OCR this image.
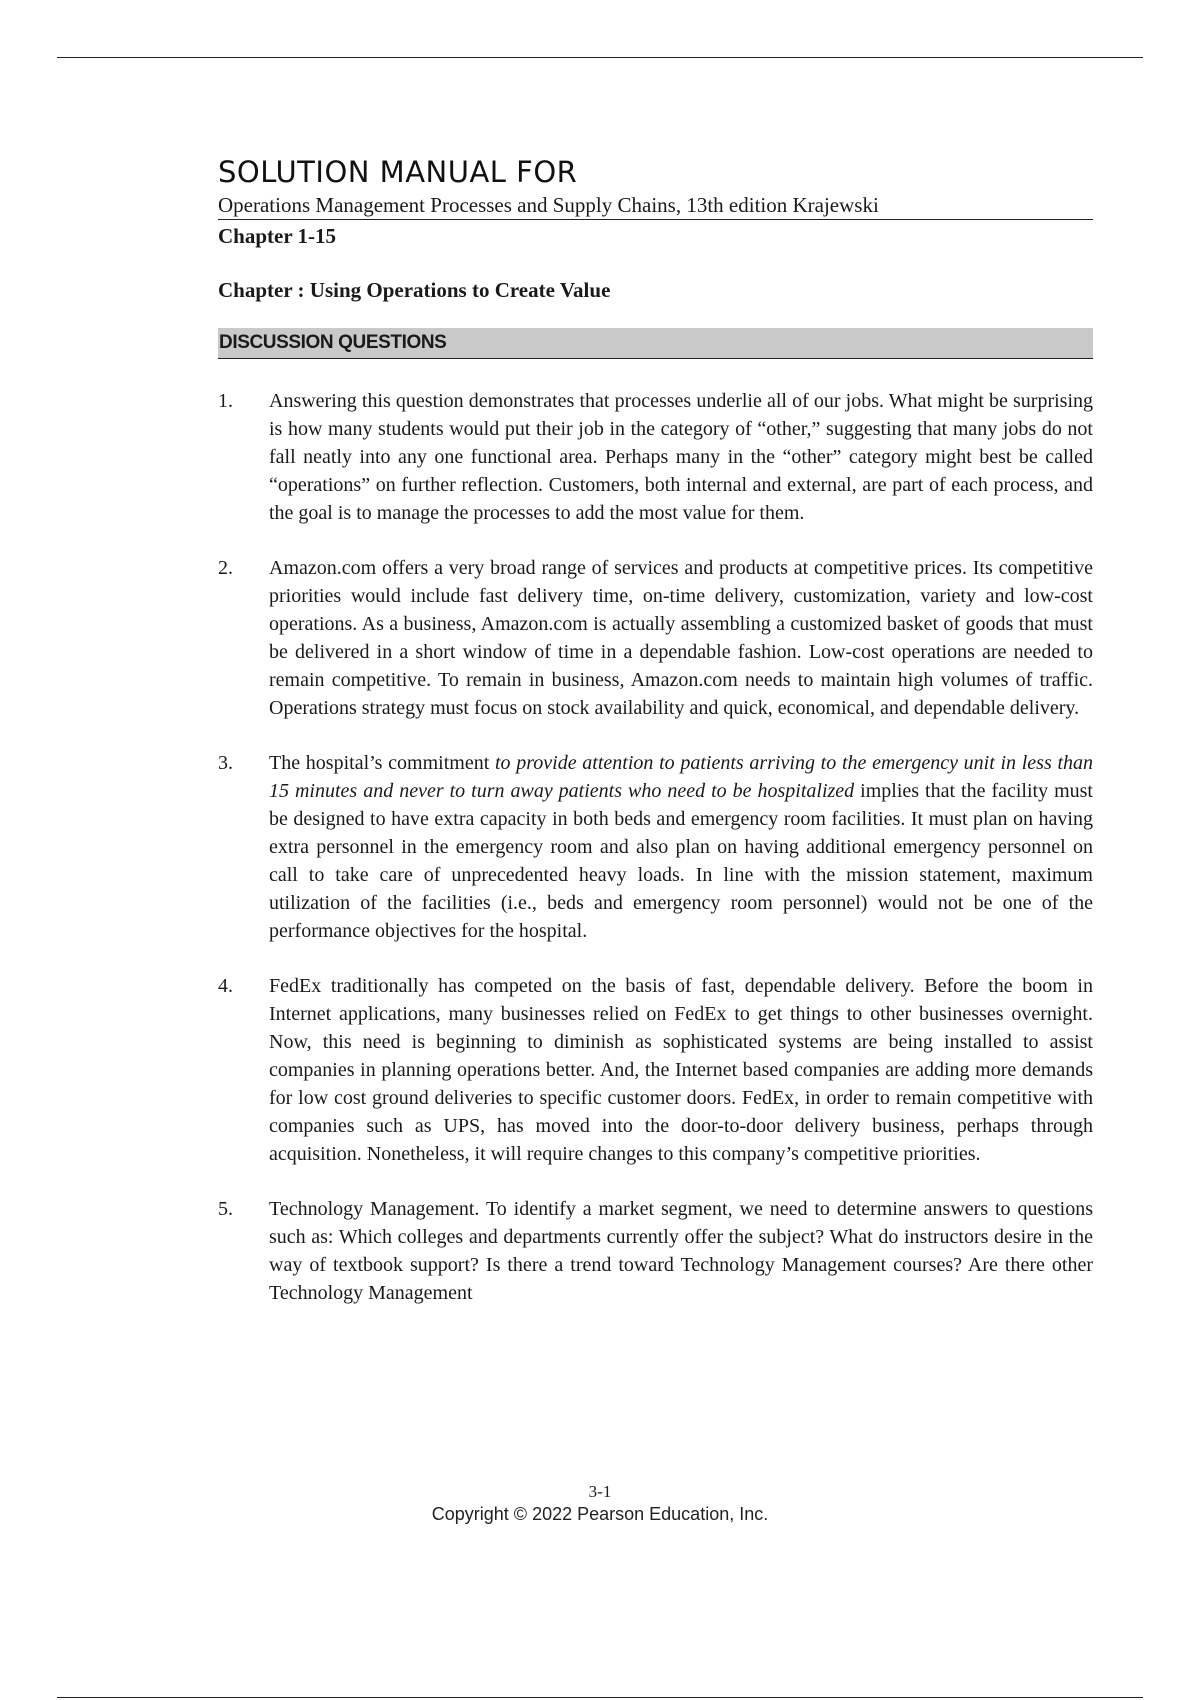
SOLUTION MANUAL FOR
Operations Management Processes and Supply Chains, 13th edition Krajewski
Chapter 1-15
Chapter : Using Operations to Create Value
DISCUSSION QUESTIONS
1.	Answering this question demonstrates that processes underlie all of our jobs. What might be surprising is how many students would put their job in the category of “other,” suggesting that many jobs do not fall neatly into any one functional area. Perhaps many in the “other” category might best be called “operations” on further reflection. Customers, both internal and external, are part of each process, and the goal is to manage the processes to add the most value for them.

2.	Amazon.com offers a very broad range of services and products at competitive prices. Its competitive priorities would include fast delivery time, on-time delivery, customization, variety and low-cost operations. As a business, Amazon.com is actually assembling a customized basket of goods that must be delivered in a short window of time in a dependable fashion. Low-cost operations are needed to remain competitive. To remain in business, Amazon.com needs to maintain high volumes of traffic. Operations strategy must focus on stock availability and quick, economical, and dependable delivery.

3.	The hospital’s commitment to provide attention to patients arriving to the emergency unit in less than 15 minutes and never to turn away patients who need to be hospitalized implies that the facility must be designed to have extra capacity in both beds and emergency room facilities. It must plan on having extra personnel in the emergency room and also plan on having additional emergency personnel on call to take care of unprecedented heavy loads. In line with the mission statement, maximum utilization of the facilities (i.e., beds and emergency room personnel) would not be one of the performance objectives for the hospital.

4.	FedEx traditionally has competed on the basis of fast, dependable delivery. Before the boom in Internet applications, many businesses relied on FedEx to get things to other businesses overnight. Now, this need is beginning to diminish as sophisticated systems are being installed to assist companies in planning operations better. And, the Internet based companies are adding more demands for low cost ground deliveries to specific customer doors. FedEx, in order to remain competitive with companies such as UPS, has moved into the door-to-door delivery business, perhaps through acquisition. Nonetheless, it will require changes to this company’s competitive priorities.

5.	Technology Management. To identify a market segment, we need to determine answers to questions such as: Which colleges and departments currently offer the subject? What do instructors desire in the way of textbook support? Is there a trend toward Technology Management courses? Are there other Technology Management

3-1
Copyright © 2022 Pearson Education, Inc.
